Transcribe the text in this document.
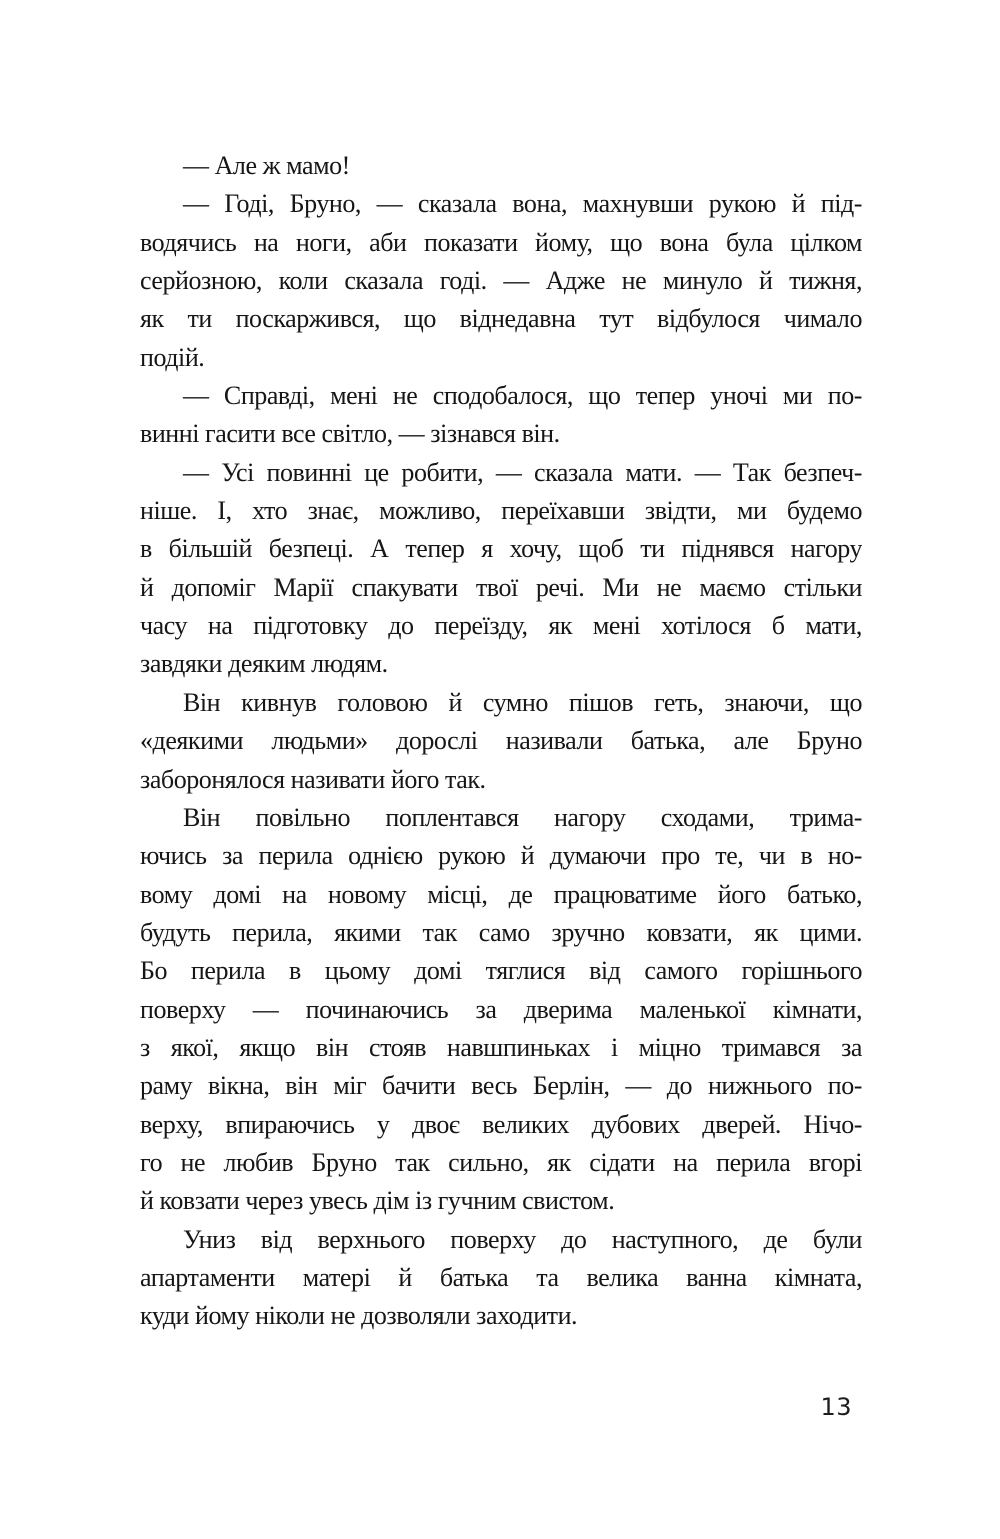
— Але ж мамо!
— Годі, Бруно, — сказала вона, махнувши рукою й під-
водячись на ноги, аби показати йому, що вона була цілком
серйозною, коли сказала годі. — Адже не минуло й тижня,
як ти поскаржився, що віднедавна тут відбулося чимало
подій.
— Справді, мені не сподобалося, що тепер уночі ми по-
винні гасити все світло, — зізнався він.
— Усі повинні це робити, — сказала мати. — Так безпеч-
ніше. І, хто знає, можливо, переїхавши звідти, ми будемо
в більшій безпеці. А тепер я хочу, щоб ти піднявся нагору
й допоміг Марії спакувати твої речі. Ми не маємо стільки
часу на підготовку до переїзду, як мені хотілося б мати,
завдяки деяким людям.
Він кивнув головою й сумно пішов геть, знаючи, що
«деякими людьми» дорослі називали батька, але Бруно
заборонялося називати його так.
Він повільно поплентався нагору сходами, трима-
ючись за перила однією рукою й думаючи про те, чи в но-
вому домі на новому місці, де працюватиме його батько,
будуть перила, якими так само зручно ковзати, як цими.
Бо перила в цьому домі тяглися від самого горішнього
поверху — починаючись за дверима маленької кімнати,
з якої, якщо він стояв навшпиньках і міцно тримався за
раму вікна, він міг бачити весь Берлін, — до нижнього по-
верху, впираючись у двоє великих дубових дверей. Нічо-
го не любив Бруно так сильно, як сідати на перила вгорі
й ковзати через увесь дім із гучним свистом.
Униз від верхнього поверху до наступного, де були
апартаменти матері й батька та велика ванна кімната,
куди йому ніколи не дозволяли заходити.
13
